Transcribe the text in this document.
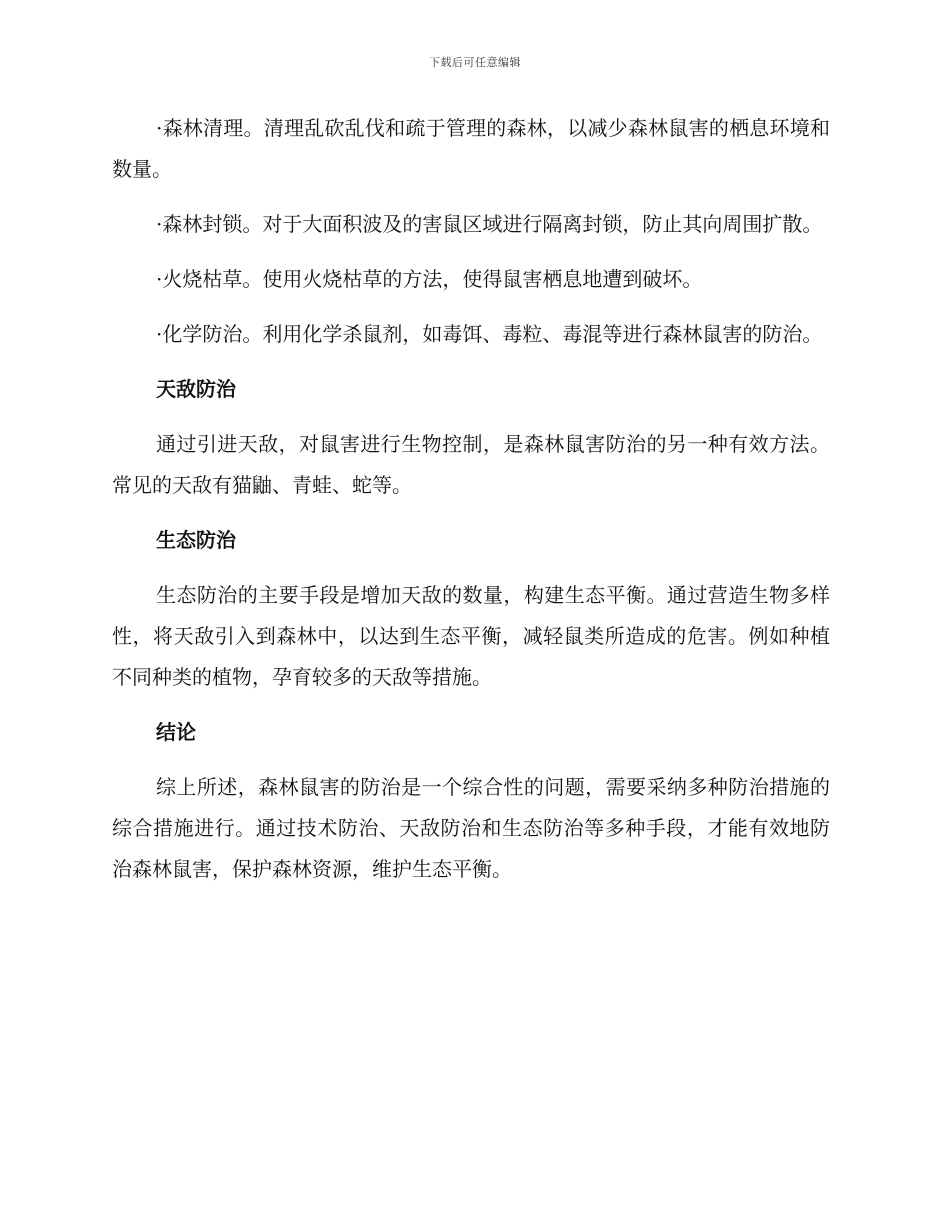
下载后可任意编辑

·森林清理。清理乱砍乱伐和疏于管理的森林，以减少森林鼠害的栖息环境和数量。

·森林封锁。对于大面积波及的害鼠区域进行隔离封锁，防止其向周围扩散。

·火烧枯草。使用火烧枯草的方法，使得鼠害栖息地遭到破坏。

·化学防治。利用化学杀鼠剂，如毒饵、毒粒、毒混等进行森林鼠害的防治。

天敌防治

通过引进天敌，对鼠害进行生物控制，是森林鼠害防治的另一种有效方法。常见的天敌有猫鼬、青蛙、蛇等。

生态防治

生态防治的主要手段是增加天敌的数量，构建生态平衡。通过营造生物多样性，将天敌引入到森林中，以达到生态平衡，减轻鼠类所造成的危害。例如种植不同种类的植物，孕育较多的天敌等措施。

结论

综上所述，森林鼠害的防治是一个综合性的问题，需要采纳多种防治措施的综合措施进行。通过技术防治、天敌防治和生态防治等多种手段，才能有效地防治森林鼠害，保护森林资源，维护生态平衡。
